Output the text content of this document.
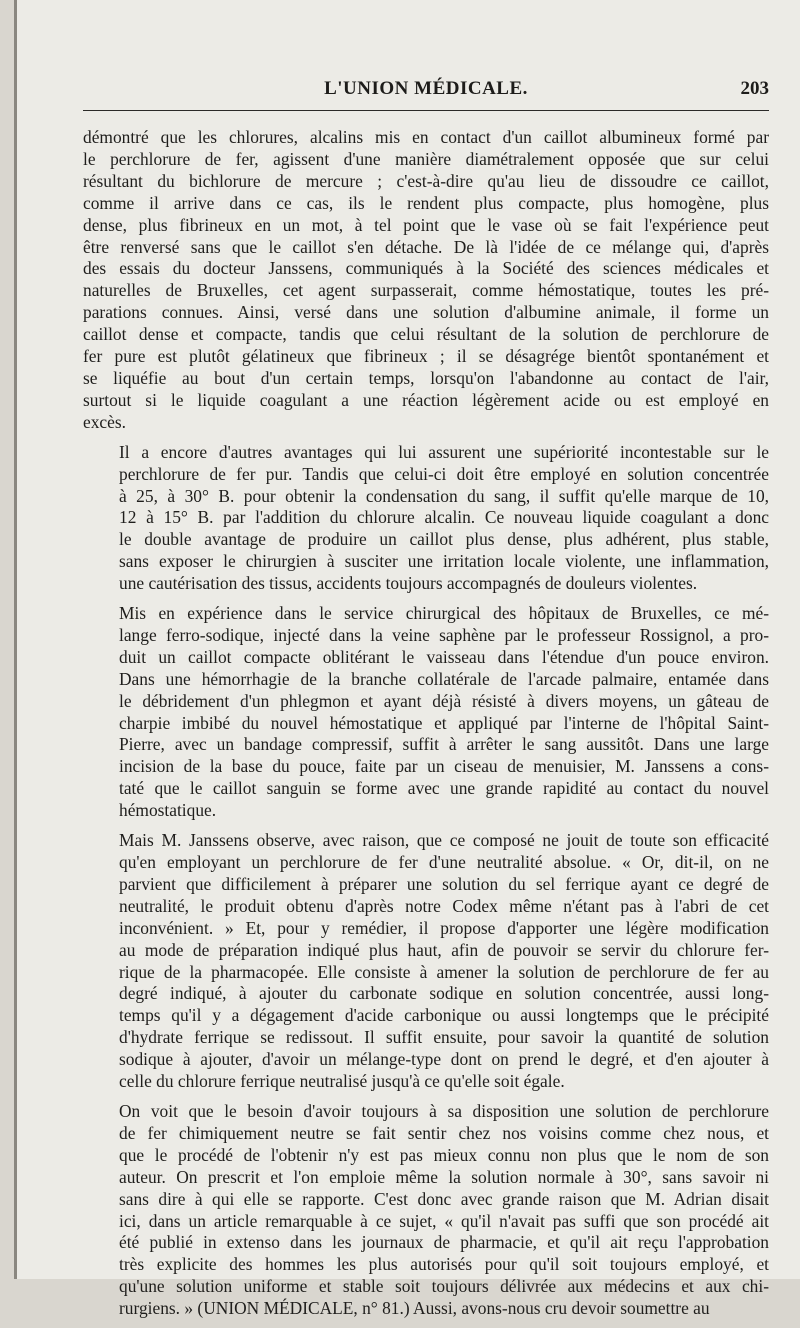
L'UNION MÉDICALE.	203
démontré que les chlorures, alcalins mis en contact d'un caillot albumineux formé par
le perchlorure de fer, agissent d'une manière diamétralement opposée que sur celui
résultant du bichlorure de mercure ; c'est-à-dire qu'au lieu de dissoudre ce caillot,
comme il arrive dans ce cas, ils le rendent plus compacte, plus homogène, plus
dense, plus fibrineux en un mot, à tel point que le vase où se fait l'expérience peut
être renversé sans que le caillot s'en détache. De là l'idée de ce mélange qui, d'après
des essais du docteur Janssens, communiqués à la Société des sciences médicales et
naturelles de Bruxelles, cet agent surpasserait, comme hémostatique, toutes les pré-
parations connues. Ainsi, versé dans une solution d'albumine animale, il forme un
caillot dense et compacte, tandis que celui résultant de la solution de perchlorure de
fer pure est plutôt gélatineux que fibrineux ; il se désagrége bientôt spontanément et
se liquéfie au bout d'un certain temps, lorsqu'on l'abandonne au contact de l'air,
surtout si le liquide coagulant a une réaction légèrement acide ou est employé en
excès.
Il a encore d'autres avantages qui lui assurent une supériorité incontestable sur le
perchlorure de fer pur. Tandis que celui-ci doit être employé en solution concentrée
à 25, à 30° B. pour obtenir la condensation du sang, il suffit qu'elle marque de 10,
12 à 15° B. par l'addition du chlorure alcalin. Ce nouveau liquide coagulant a donc
le double avantage de produire un caillot plus dense, plus adhérent, plus stable,
sans exposer le chirurgien à susciter une irritation locale violente, une inflammation,
une cautérisation des tissus, accidents toujours accompagnés de douleurs violentes.
Mis en expérience dans le service chirurgical des hôpitaux de Bruxelles, ce mé-
lange ferro-sodique, injecté dans la veine saphène par le professeur Rossignol, a pro-
duit un caillot compacte oblitérant le vaisseau dans l'étendue d'un pouce environ.
Dans une hémorrhagie de la branche collatérale de l'arcade palmaire, entamée dans
le débridement d'un phlegmon et ayant déjà résisté à divers moyens, un gâteau de
charpie imbibé du nouvel hémostatique et appliqué par l'interne de l'hôpital Saint-
Pierre, avec un bandage compressif, suffit à arrêter le sang aussitôt. Dans une large
incision de la base du pouce, faite par un ciseau de menuisier, M. Janssens a cons-
taté que le caillot sanguin se forme avec une grande rapidité au contact du nouvel
hémostatique.
Mais M. Janssens observe, avec raison, que ce composé ne jouit de toute son efficacité
qu'en employant un perchlorure de fer d'une neutralité absolue. « Or, dit-il, on ne
parvient que difficilement à préparer une solution du sel ferrique ayant ce degré de
neutralité, le produit obtenu d'après notre Codex même n'étant pas à l'abri de cet
inconvénient. » Et, pour y remédier, il propose d'apporter une légère modification
au mode de préparation indiqué plus haut, afin de pouvoir se servir du chlorure fer-
rique de la pharmacopée. Elle consiste à amener la solution de perchlorure de fer au
degré indiqué, à ajouter du carbonate sodique en solution concentrée, aussi long-
temps qu'il y a dégagement d'acide carbonique ou aussi longtemps que le précipité
d'hydrate ferrique se redissout. Il suffit ensuite, pour savoir la quantité de solution
sodique à ajouter, d'avoir un mélange-type dont on prend le degré, et d'en ajouter à
celle du chlorure ferrique neutralisé jusqu'à ce qu'elle soit égale.
On voit que le besoin d'avoir toujours à sa disposition une solution de perchlorure
de fer chimiquement neutre se fait sentir chez nos voisins comme chez nous, et
que le procédé de l'obtenir n'y est pas mieux connu non plus que le nom de son
auteur. On prescrit et l'on emploie même la solution normale à 30°, sans savoir ni
sans dire à qui elle se rapporte. C'est donc avec grande raison que M. Adrian disait
ici, dans un article remarquable à ce sujet, « qu'il n'avait pas suffi que son procédé ait
été publié in extenso dans les journaux de pharmacie, et qu'il ait reçu l'approbation
très explicite des hommes les plus autorisés pour qu'il soit toujours employé, et
qu'une solution uniforme et stable soit toujours délivrée aux médecins et aux chi-
rurgiens. » (UNION MÉDICALE, n° 81.) Aussi, avons-nous cru devoir soumettre au
